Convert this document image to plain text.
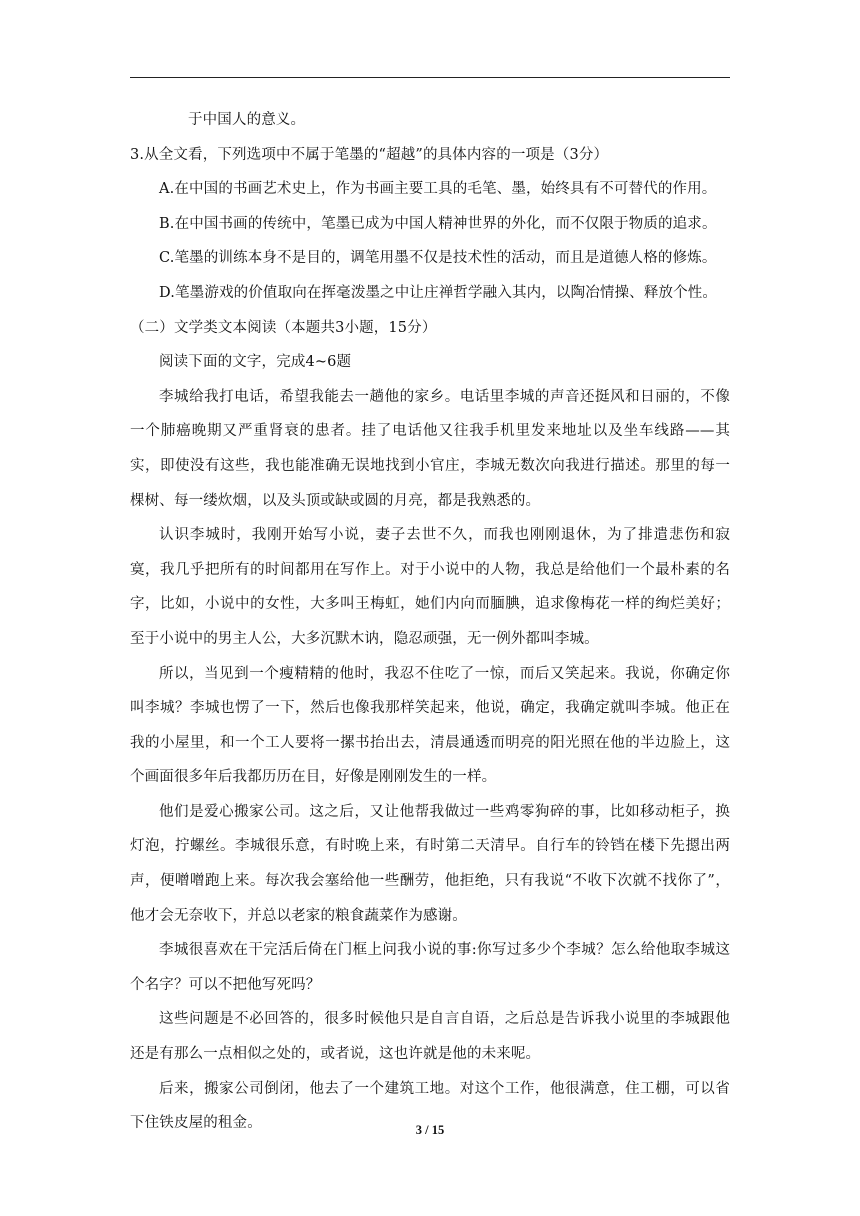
于中国人的意义。

3.从全文看，下列选项中不属于笔墨的“超越”的具体内容的一项是（3分）

A.在中国的书画艺术史上，作为书画主要工具的毛笔、墨，始终具有不可替代的作用。

B.在中国书画的传统中，笔墨已成为中国人精神世界的外化，而不仅限于物质的追求。

C.笔墨的训练本身不是目的，调笔用墨不仅是技术性的活动，而且是道德人格的修炼。

D.笔墨游戏的价值取向在挥毫泼墨之中让庄禅哲学融入其内，以陶冶情操、释放个性。

（二）文学类文本阅读（本题共3小题，15分）

阅读下面的文字，完成4~6题

李城给我打电话，希望我能去一趟他的家乡。电话里李城的声音还挺风和日丽的，不像一个肺癌晚期又严重肾衰的患者。挂了电话他又往我手机里发来地址以及坐车线路——其实，即使没有这些，我也能准确无误地找到小官庄，李城无数次向我进行描述。那里的每一棵树、每一缕炊烟，以及头顶或缺或圆的月亮，都是我熟悉的。

认识李城时，我刚开始写小说，妻子去世不久，而我也刚刚退休，为了排遣悲伤和寂寞，我几乎把所有的时间都用在写作上。对于小说中的人物，我总是给他们一个最朴素的名字，比如，小说中的女性，大多叫王梅虹，她们内向而腼腆，追求像梅花一样的绚烂美好；至于小说中的男主人公，大多沉默木讷，隐忍顽强，无一例外都叫李城。

所以，当见到一个瘦精精的他时，我忍不住吃了一惊，而后又笑起来。我说，你确定你叫李城？李城也愣了一下，然后也像我那样笑起来，他说，确定，我确定就叫李城。他正在我的小屋里，和一个工人要将一摞书抬出去，清晨通透而明亮的阳光照在他的半边脸上，这个画面很多年后我都历历在目，好像是刚刚发生的一样。

他们是爱心搬家公司。这之后，又让他帮我做过一些鸡零狗碎的事，比如移动柜子，换灯泡，拧螺丝。李城很乐意，有时晚上来，有时第二天清早。自行车的铃铛在楼下先摁出两声，便噌噌跑上来。每次我会塞给他一些酬劳，他拒绝，只有我说“不收下次就不找你了”，他才会无奈收下，并总以老家的粮食蔬菜作为感谢。

李城很喜欢在干完活后倚在门框上问我小说的事:你写过多少个李城？怎么给他取李城这个名字？可以不把他写死吗？

这些问题是不必回答的，很多时候他只是自言自语，之后总是告诉我小说里的李城跟他还是有那么一点相似之处的，或者说，这也许就是他的未来呢。

后来，搬家公司倒闭，他去了一个建筑工地。对这个工作，他很满意，住工棚，可以省下住铁皮屋的租金。	3 / 15
